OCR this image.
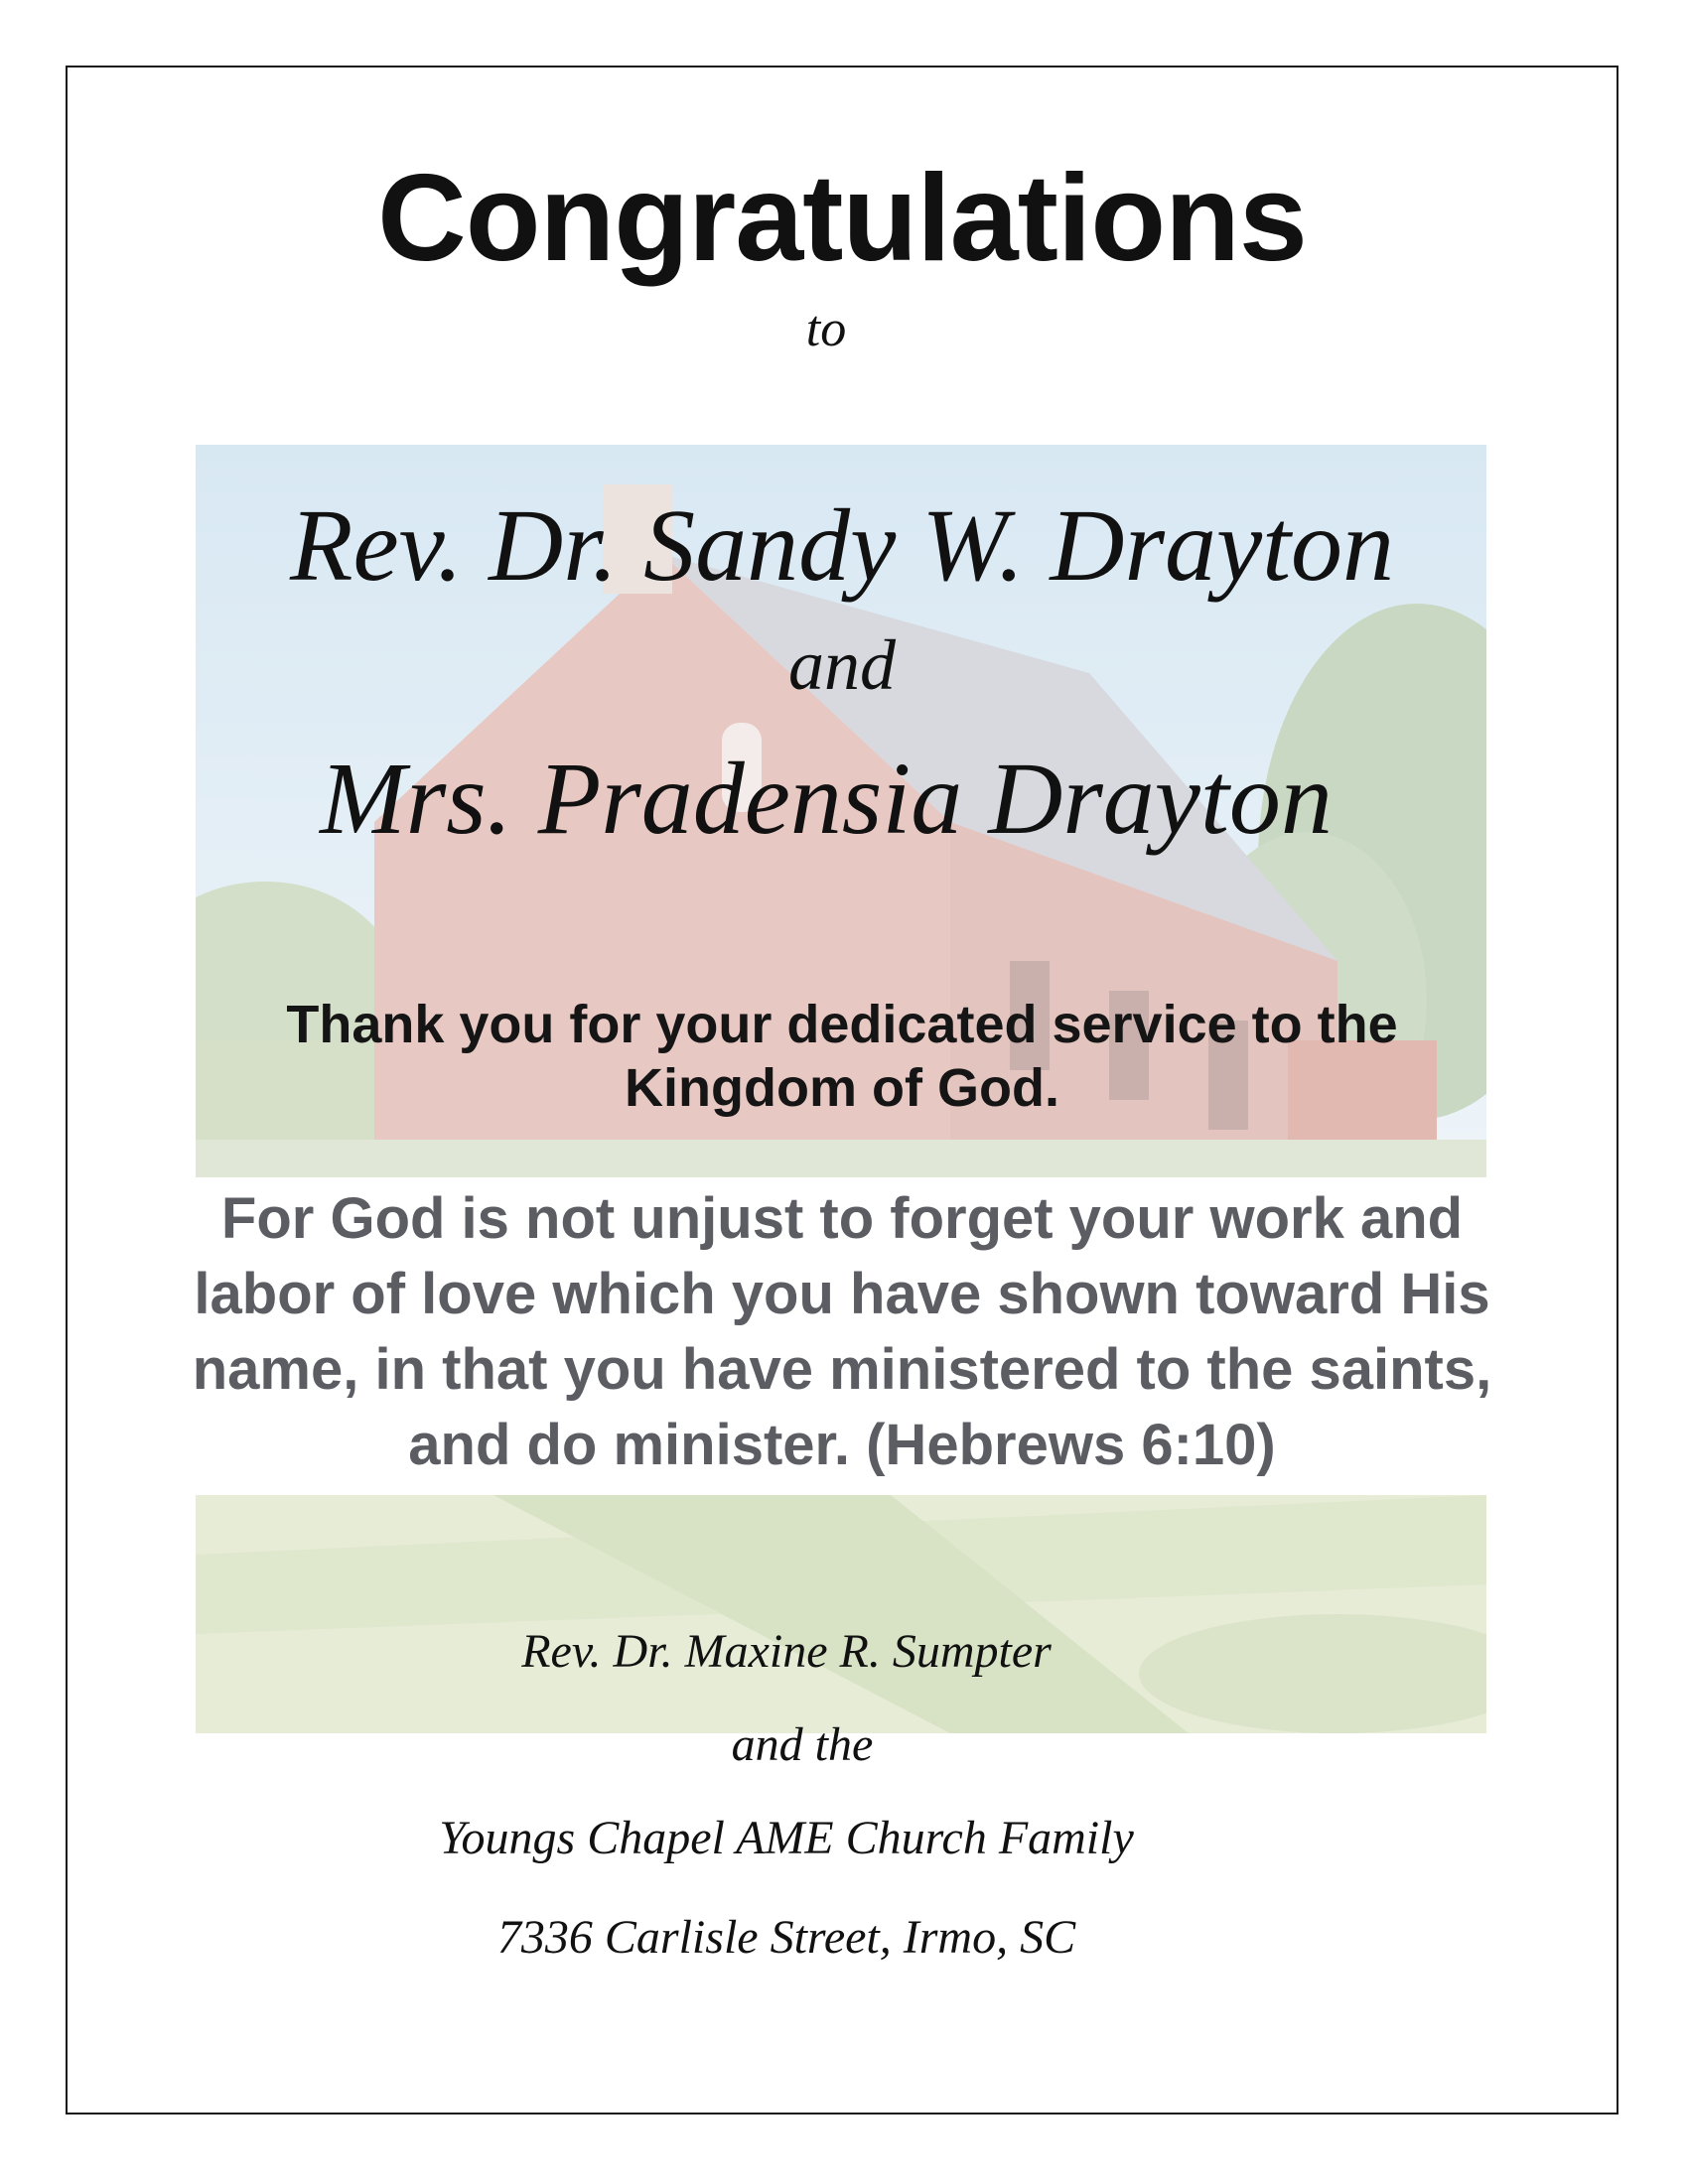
Congratulations

to

Rev. Dr. Sandy W. Drayton

and

Mrs. Pradensia Drayton

Thank you for your dedicated service to the
Kingdom of God.
For God is not unjust to forget your work and
labor of love which you have shown toward His
name, in that you have ministered to the saints,
and do minister. (Hebrews 6:10)

Rev. Dr. Maxine R. Sumpter

and the

Youngs Chapel AME Church Family

7336 Carlisle Street, Irmo, SC
